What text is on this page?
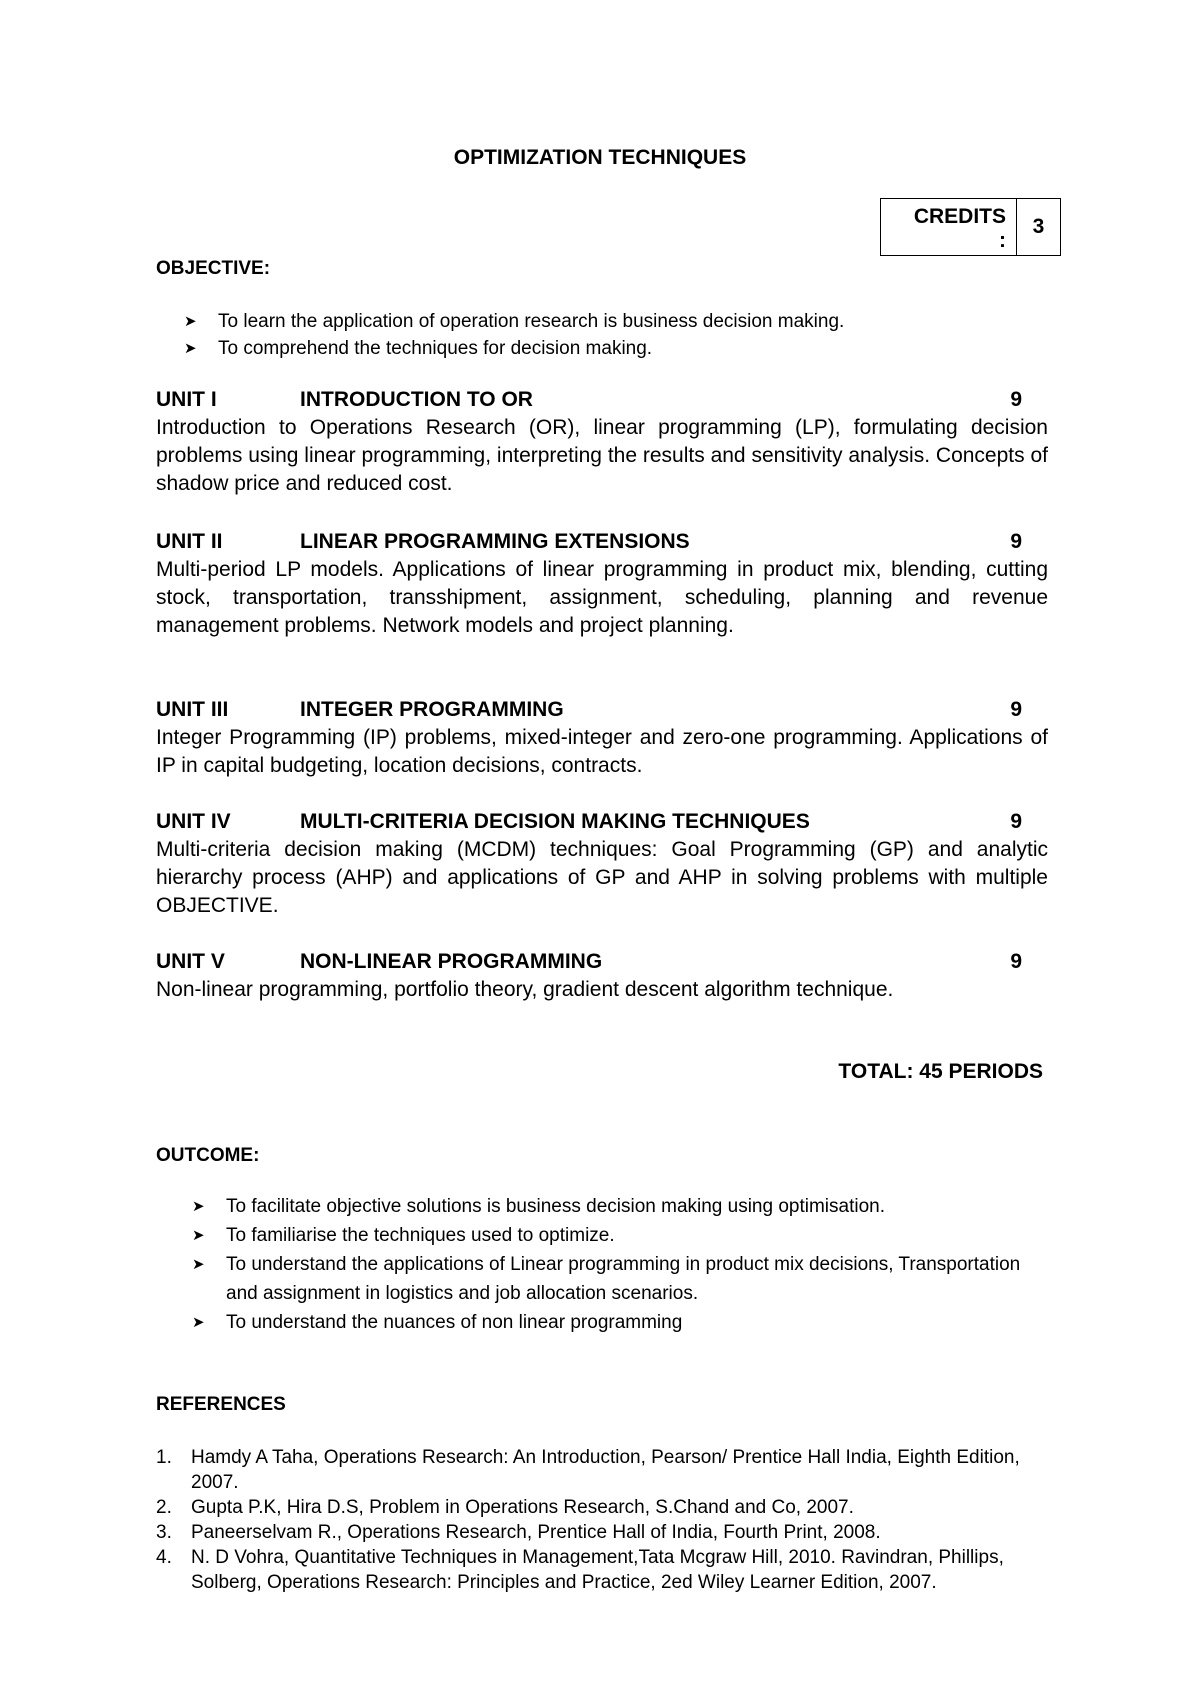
OPTIMIZATION TECHNIQUES
CREDITS
:
3
OBJECTIVE:
➤ To learn the application of operation research is business decision making.
➤ To comprehend the techniques for decision making.
UNIT I	INTRODUCTION TO OR	9
Introduction to Operations Research (OR), linear programming (LP), formulating decision problems using linear programming, interpreting the results and sensitivity analysis. Concepts of shadow price and reduced cost.
UNIT II	LINEAR PROGRAMMING EXTENSIONS	9
Multi-period LP models. Applications of linear programming in product mix, blending, cutting stock, transportation, transshipment, assignment, scheduling, planning and revenue management problems. Network models and project planning.
UNIT III	INTEGER PROGRAMMING	9
Integer Programming (IP) problems, mixed-integer and zero-one programming. Applications of IP in capital budgeting, location decisions, contracts.
UNIT IV	MULTI-CRITERIA DECISION MAKING TECHNIQUES	9
Multi-criteria decision making (MCDM) techniques: Goal Programming (GP) and analytic hierarchy process (AHP) and applications of GP and AHP in solving problems with multiple OBJECTIVE.
UNIT V	NON-LINEAR PROGRAMMING	9
Non-linear programming, portfolio theory, gradient descent algorithm technique.
TOTAL: 45 PERIODS
OUTCOME:
➤ To facilitate objective solutions is business decision making using optimisation.
➤ To familiarise the techniques used to optimize.
➤ To understand the applications of Linear programming in product mix decisions, Transportation and assignment in logistics and job allocation scenarios.
➤ To understand the nuances of non linear programming
REFERENCES
1. Hamdy A Taha, Operations Research: An Introduction, Pearson/ Prentice Hall India, Eighth Edition, 2007.
2. Gupta P.K, Hira D.S, Problem in Operations Research, S.Chand and Co, 2007.
3. Paneerselvam R., Operations Research, Prentice Hall of India, Fourth Print, 2008.
4. N. D Vohra, Quantitative Techniques in Management,Tata Mcgraw Hill, 2010. Ravindran, Phillips, Solberg, Operations Research: Principles and Practice, 2ed Wiley Learner Edition, 2007.
